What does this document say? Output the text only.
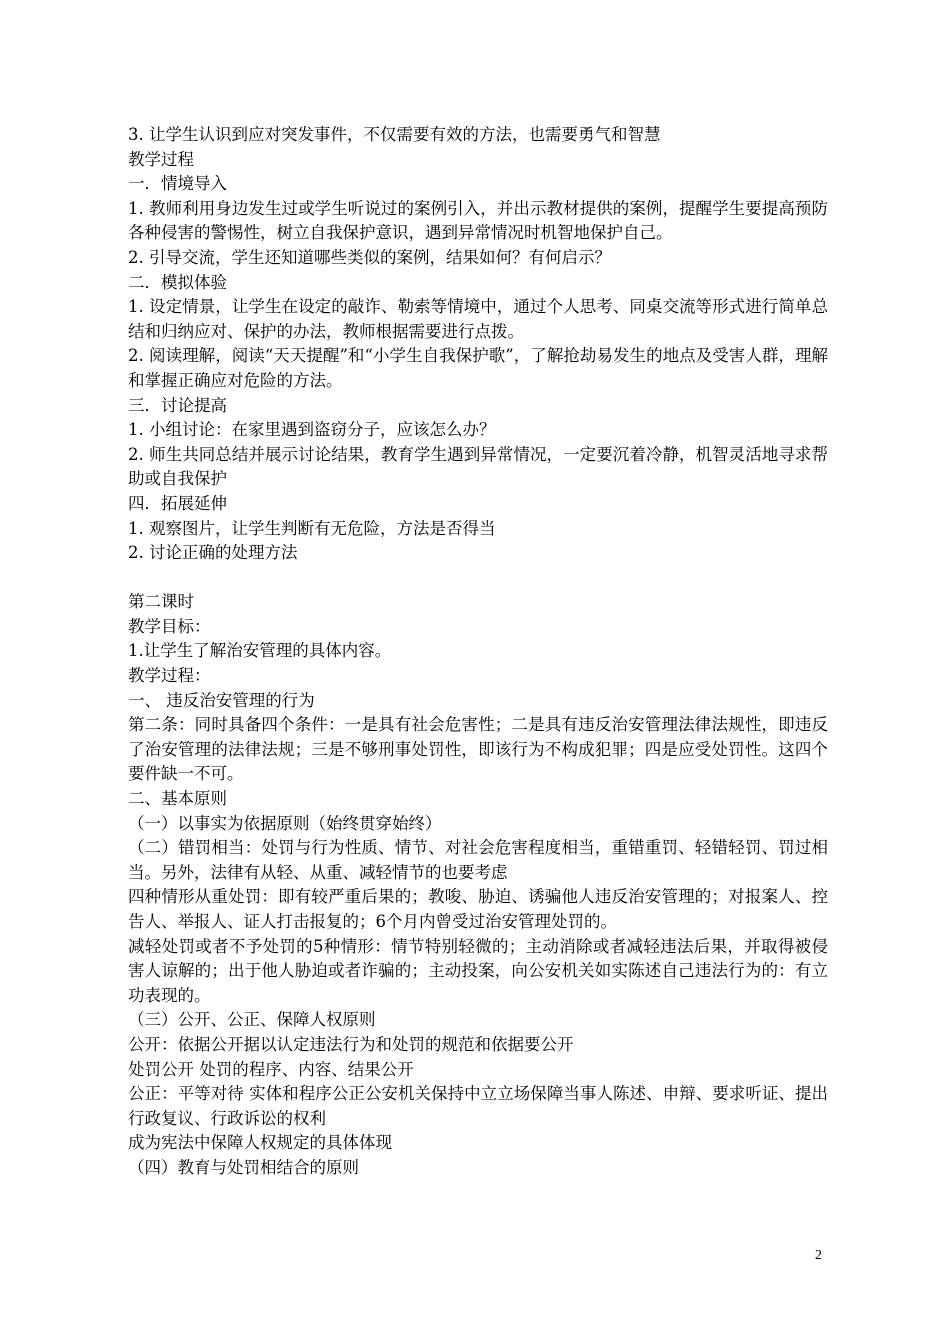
3. 让学生认识到应对突发事件，不仅需要有效的方法，也需要勇气和智慧

教学过程

一．情境导入

1. 教师利用身边发生过或学生听说过的案例引入，并出示教材提供的案例，提醒学生要提高预防各种侵害的警惕性，树立自我保护意识，遇到异常情况时机智地保护自己。

2. 引导交流，学生还知道哪些类似的案例，结果如何？有何启示？

二．模拟体验

1. 设定情景，让学生在设定的敲诈、勒索等情境中，通过个人思考、同桌交流等形式进行简单总结和归纳应对、保护的办法，教师根据需要进行点拨。

2. 阅读理解，阅读“天天提醒”和“小学生自我保护歌”，了解抢劫易发生的地点及受害人群，理解和掌握正确应对危险的方法。

三．讨论提高

1. 小组讨论：在家里遇到盗窃分子，应该怎么办？

2. 师生共同总结并展示讨论结果，教育学生遇到异常情况，一定要沉着冷静，机智灵活地寻求帮助或自我保护

四．拓展延伸

1. 观察图片，让学生判断有无危险，方法是否得当

2. 讨论正确的处理方法

第二课时

教学目标：

1.让学生了解治安管理的具体内容。

教学过程：

一、 违反治安管理的行为

第二条：同时具备四个条件：一是具有社会危害性；二是具有违反治安管理法律法规性，即违反了治安管理的法律法规；三是不够刑事处罚性，即该行为不构成犯罪；四是应受处罚性。这四个要件缺一不可。

二、基本原则

（一）以事实为依据原则（始终贯穿始终）

（二）错罚相当：处罚与行为性质、情节、对社会危害程度相当，重错重罚、轻错轻罚、罚过相当。另外，法律有从轻、从重、减轻情节的也要考虑

四种情形从重处罚：即有较严重后果的；教唆、胁迫、诱骗他人违反治安管理的；对报案人、控告人、举报人、证人打击报复的；6个月内曾受过治安管理处罚的。

减轻处罚或者不予处罚的5种情形：情节特别轻微的；主动消除或者减轻违法后果，并取得被侵害人谅解的；出于他人胁迫或者诈骗的；主动投案，向公安机关如实陈述自己违法行为的：有立功表现的。

（三）公开、公正、保障人权原则

公开：依据公开据以认定违法行为和处罚的规范和依据要公开

处罚公开 处罚的程序、内容、结果公开

公正：平等对待 实体和程序公正公安机关保持中立立场保障当事人陈述、申辩、要求听证、提出行政复议、行政诉讼的权利

成为宪法中保障人权规定的具体体现

（四）教育与处罚相结合的原则

2
